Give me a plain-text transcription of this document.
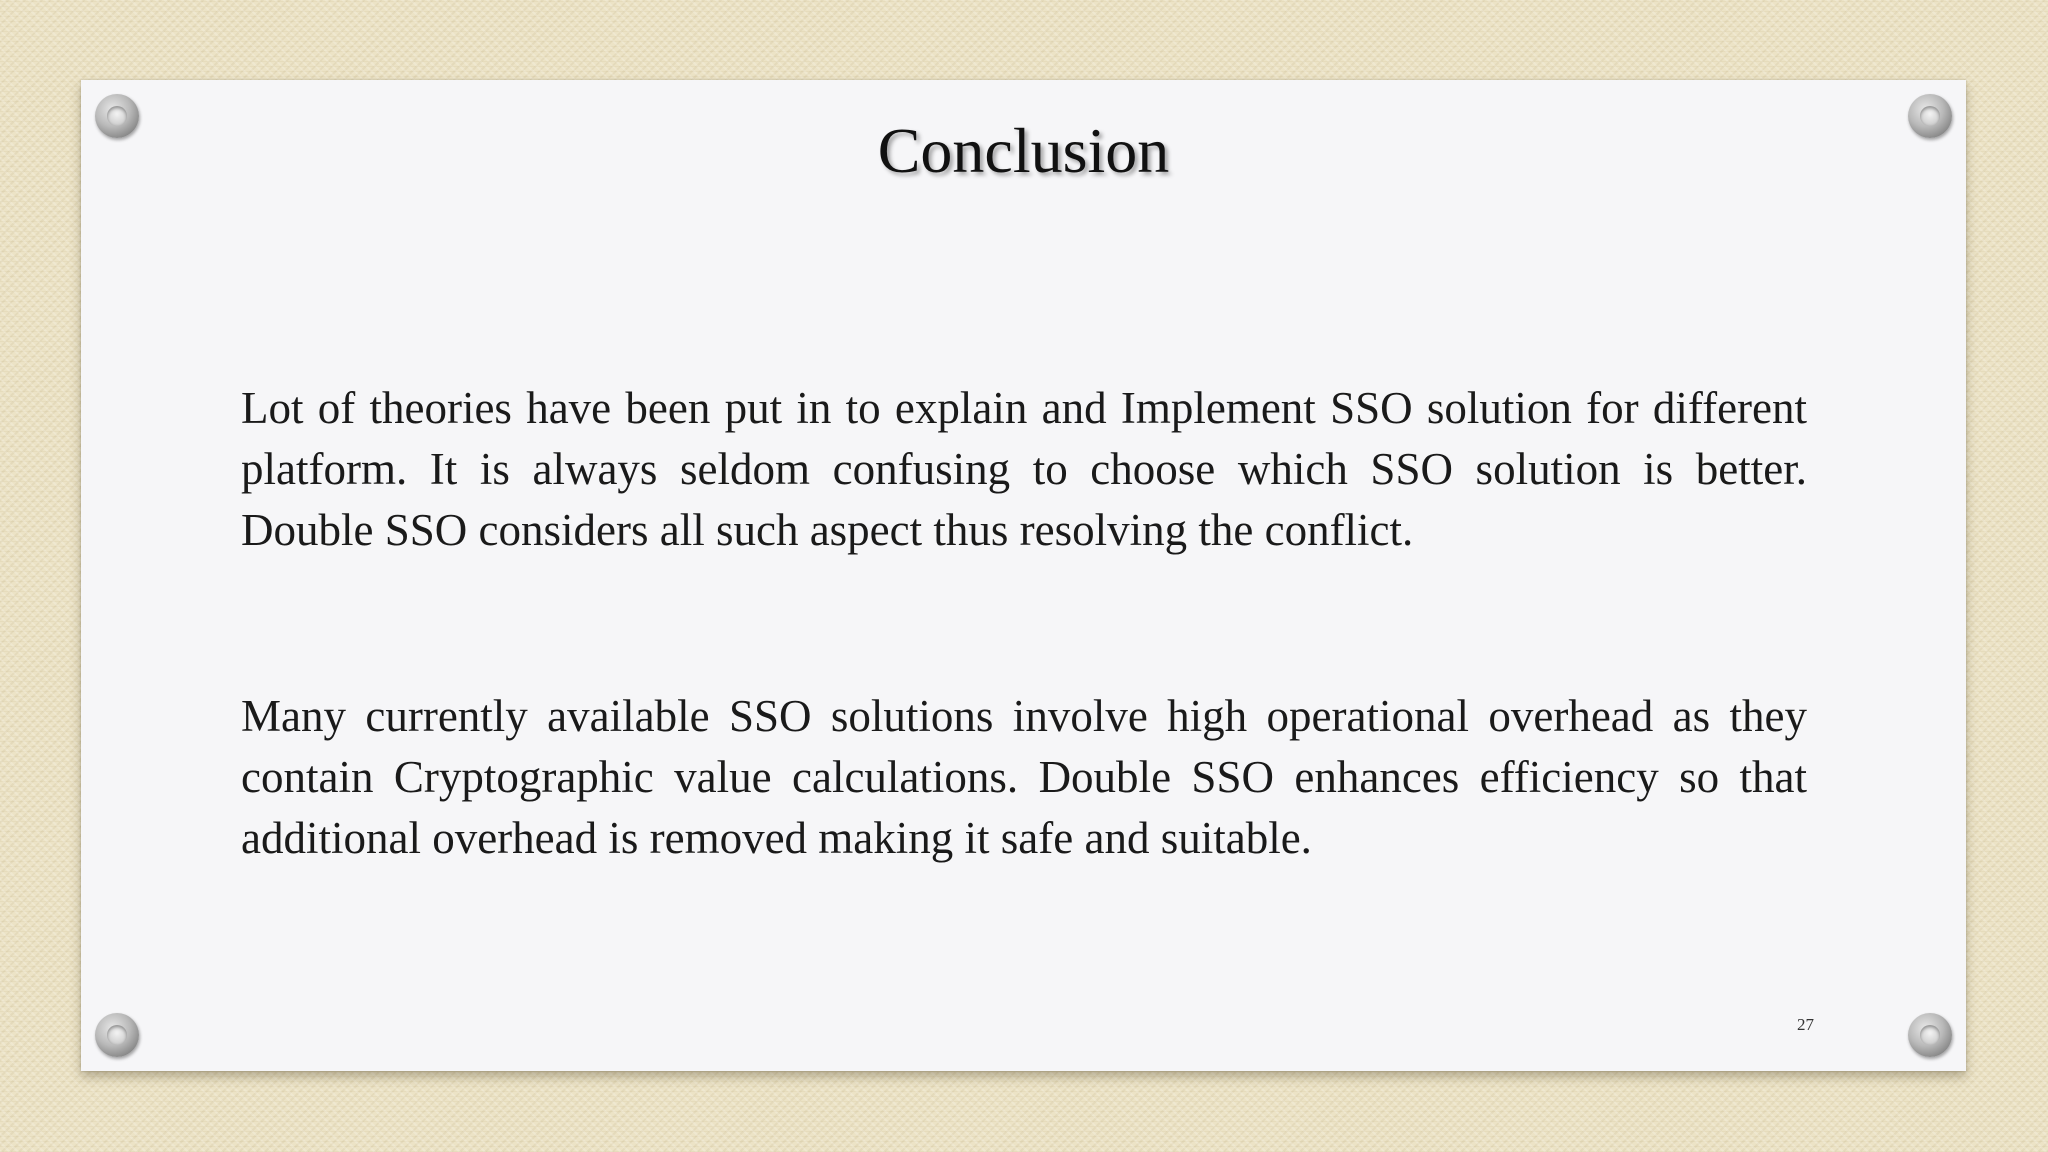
Conclusion

Lot of theories have been put in to explain and Implement SSO solution for different platform. It is always seldom confusing to choose which SSO solution is better. Double SSO considers all such aspect thus resolving the conflict.

Many currently available SSO solutions involve high operational overhead as they contain Cryptographic value calculations. Double SSO enhances efficiency so that additional overhead is removed making it safe and suitable.

27
